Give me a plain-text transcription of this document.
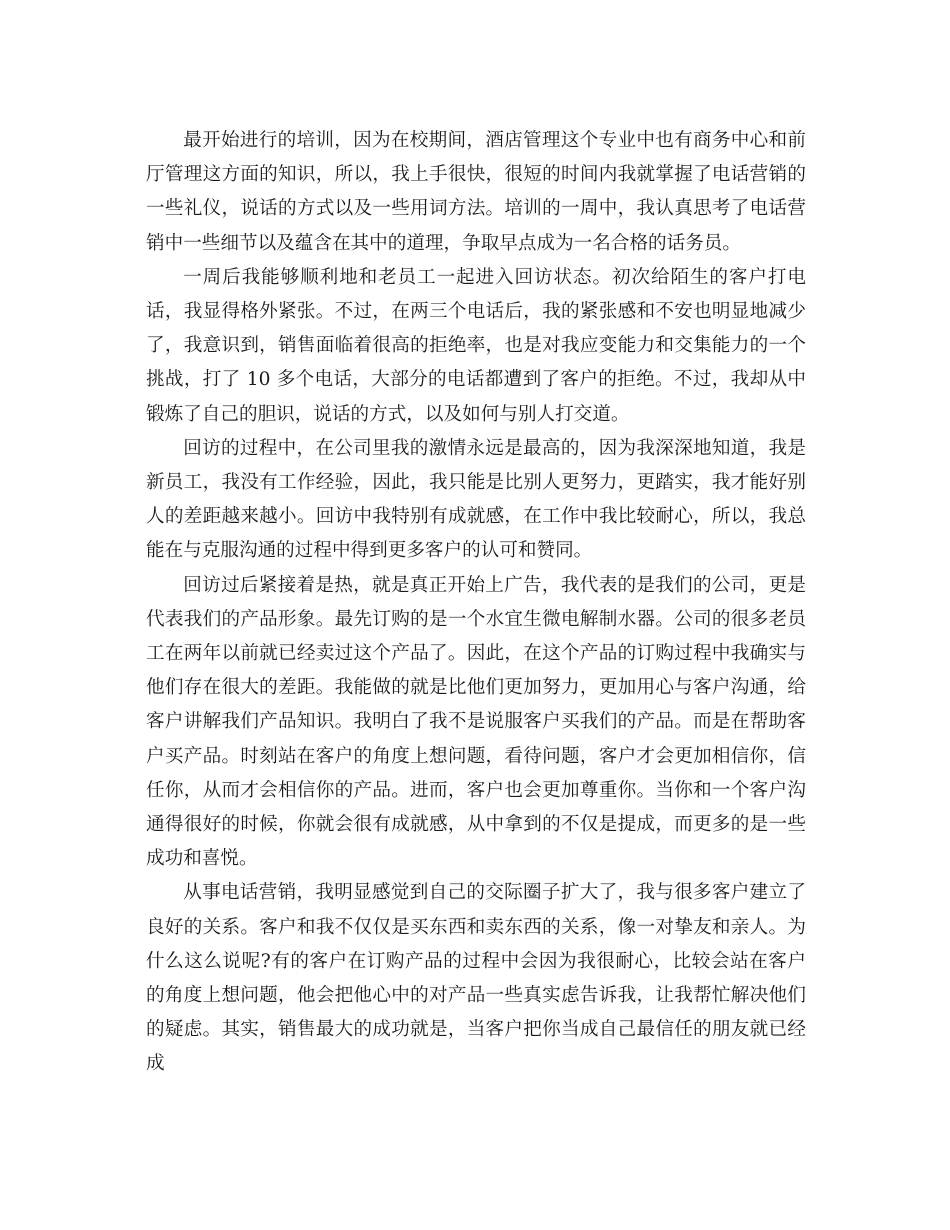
最开始进行的培训，因为在校期间，酒店管理这个专业中也有商务中心和前厅管理这方面的知识，所以，我上手很快，很短的时间内我就掌握了电话营销的一些礼仪，说话的方式以及一些用词方法。培训的一周中，我认真思考了电话营销中一些细节以及蕴含在其中的道理，争取早点成为一名合格的话务员。

一周后我能够顺利地和老员工一起进入回访状态。初次给陌生的客户打电话，我显得格外紧张。不过，在两三个电话后，我的紧张感和不安也明显地减少了，我意识到，销售面临着很高的拒绝率，也是对我应变能力和交集能力的一个挑战，打了 10 多个电话，大部分的电话都遭到了客户的拒绝。不过，我却从中锻炼了自己的胆识，说话的方式，以及如何与别人打交道。

回访的过程中，在公司里我的激情永远是最高的，因为我深深地知道，我是新员工，我没有工作经验，因此，我只能是比别人更努力，更踏实，我才能好别人的差距越来越小。回访中我特别有成就感，在工作中我比较耐心，所以，我总能在与克服沟通的过程中得到更多客户的认可和赞同。

回访过后紧接着是热，就是真正开始上广告，我代表的是我们的公司，更是代表我们的产品形象。最先订购的是一个水宜生微电解制水器。公司的很多老员工在两年以前就已经卖过这个产品了。因此，在这个产品的订购过程中我确实与他们存在很大的差距。我能做的就是比他们更加努力，更加用心与客户沟通，给客户讲解我们产品知识。我明白了我不是说服客户买我们的产品。而是在帮助客户买产品。时刻站在客户的角度上想问题，看待问题，客户才会更加相信你，信任你，从而才会相信你的产品。进而，客户也会更加尊重你。当你和一个客户沟通得很好的时候，你就会很有成就感，从中拿到的不仅是提成，而更多的是一些成功和喜悦。

从事电话营销，我明显感觉到自己的交际圈子扩大了，我与很多客户建立了良好的关系。客户和我不仅仅是买东西和卖东西的关系，像一对挚友和亲人。为什么这么说呢?有的客户在订购产品的过程中会因为我很耐心，比较会站在客户的角度上想问题，他会把他心中的对产品一些真实虑告诉我，让我帮忙解决他们的疑虑。其实，销售最大的成功就是，当客户把你当成自己最信任的朋友就已经成
